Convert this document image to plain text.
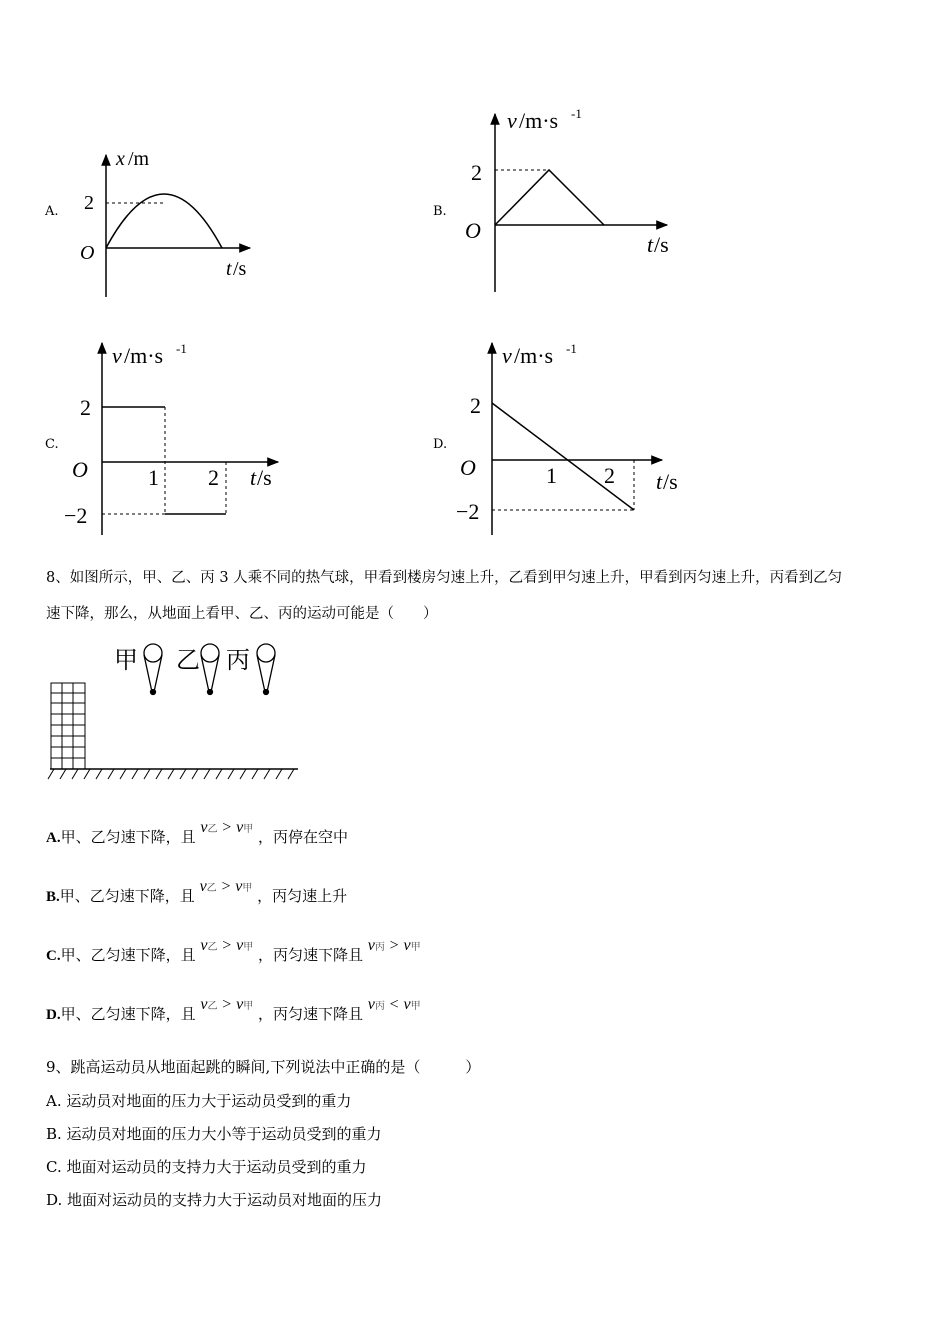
A.	B.
C.	D.
x /m
2
O
t /s
v /m·s -1
2
O
t /s
v /m·s -1
2
O	1 2
−2
t /s
v /m·s -1
2
O	1 2
−2
t /s
8、如图所示，甲、乙、丙 3 人乘不同的热气球，甲看到楼房匀速上升，乙看到甲匀速上升，甲看到丙匀速上升，丙看到乙匀
速下降，那么，从地面上看甲、乙、丙的运动可能是（　　）
甲 乙 丙
A.甲、乙匀速下降，且 v乙 > v甲 ，丙停在空中
B.甲、乙匀速下降，且 v乙 > v甲 ，丙匀速上升
C.甲、乙匀速下降，且 v乙 > v甲 ，丙匀速下降且 v丙 > v甲
D.甲、乙匀速下降，且 v乙 > v甲 ，丙匀速下降且 v丙 < v甲
9、跳高运动员从地面起跳的瞬间,下列说法中正确的是（　　　）
A. 运动员对地面的压力大于运动员受到的重力
B. 运动员对地面的压力大小等于运动员受到的重力
C. 地面对运动员的支持力大于运动员受到的重力
D. 地面对运动员的支持力大于运动员对地面的压力
